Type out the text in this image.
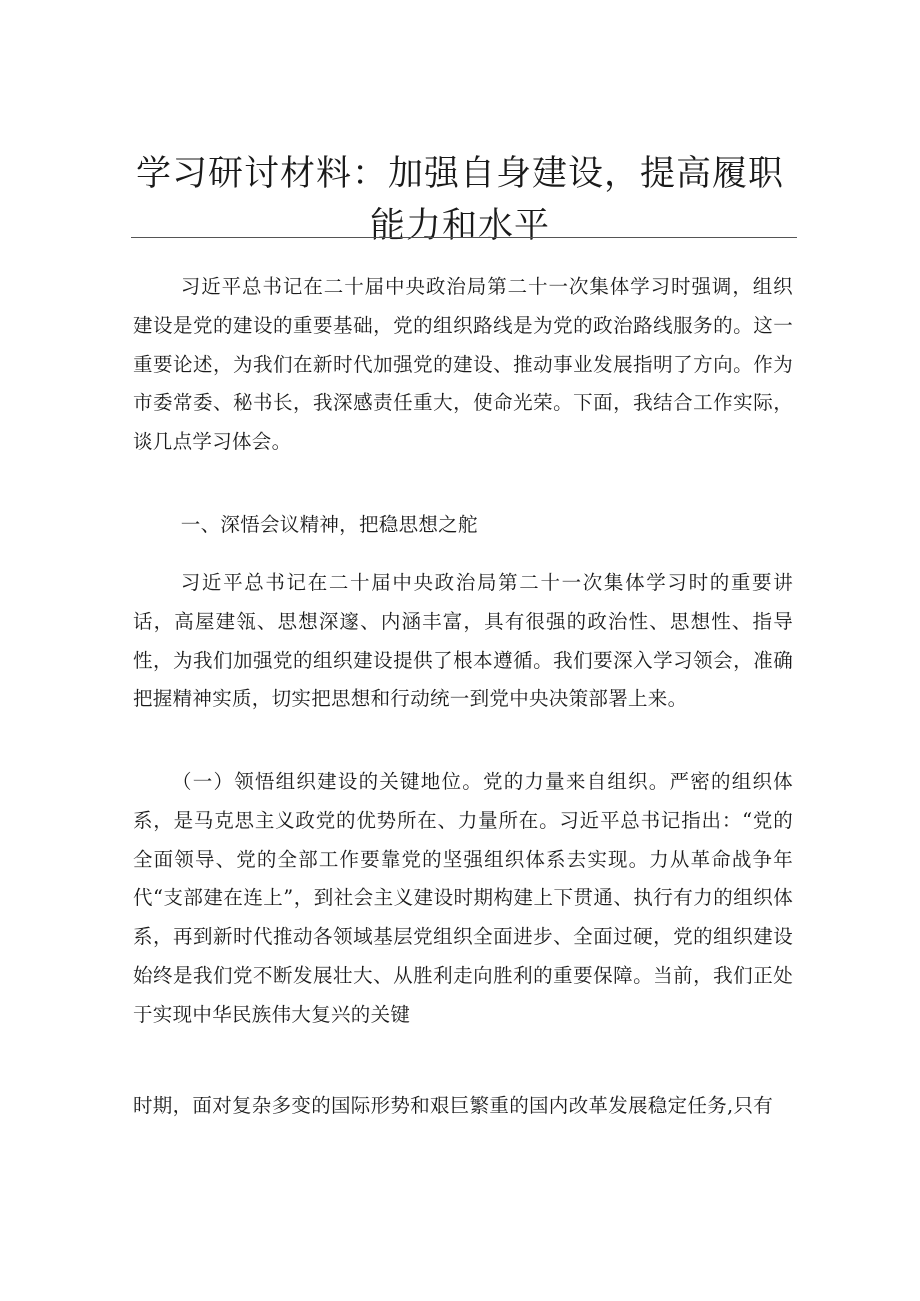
学习研讨材料：加强自身建设，提高履职能力和水平

习近平总书记在二十届中央政治局第二十一次集体学习时强调，组织建设是党的建设的重要基础，党的组织路线是为党的政治路线服务的。这一重要论述，为我们在新时代加强党的建设、推动事业发展指明了方向。作为市委常委、秘书长，我深感责任重大，使命光荣。下面，我结合工作实际，谈几点学习体会。

一、深悟会议精神，把稳思想之舵

习近平总书记在二十届中央政治局第二十一次集体学习时的重要讲话，高屋建瓴、思想深邃、内涵丰富，具有很强的政治性、思想性、指导性，为我们加强党的组织建设提供了根本遵循。我们要深入学习领会，准确把握精神实质，切实把思想和行动统一到党中央决策部署上来。

（一）领悟组织建设的关键地位。党的力量来自组织。严密的组织体系，是马克思主义政党的优势所在、力量所在。习近平总书记指出：“党的全面领导、党的全部工作要靠党的坚强组织体系去实现。力从革命战争年代“支部建在连上”，到社会主义建设时期构建上下贯通、执行有力的组织体系，再到新时代推动各领域基层党组织全面进步、全面过硬，党的组织建设始终是我们党不断发展壮大、从胜利走向胜利的重要保障。当前，我们正处于实现中华民族伟大复兴的关键

时期，面对复杂多变的国际形势和艰巨繁重的国内改革发展稳定任务,只有
